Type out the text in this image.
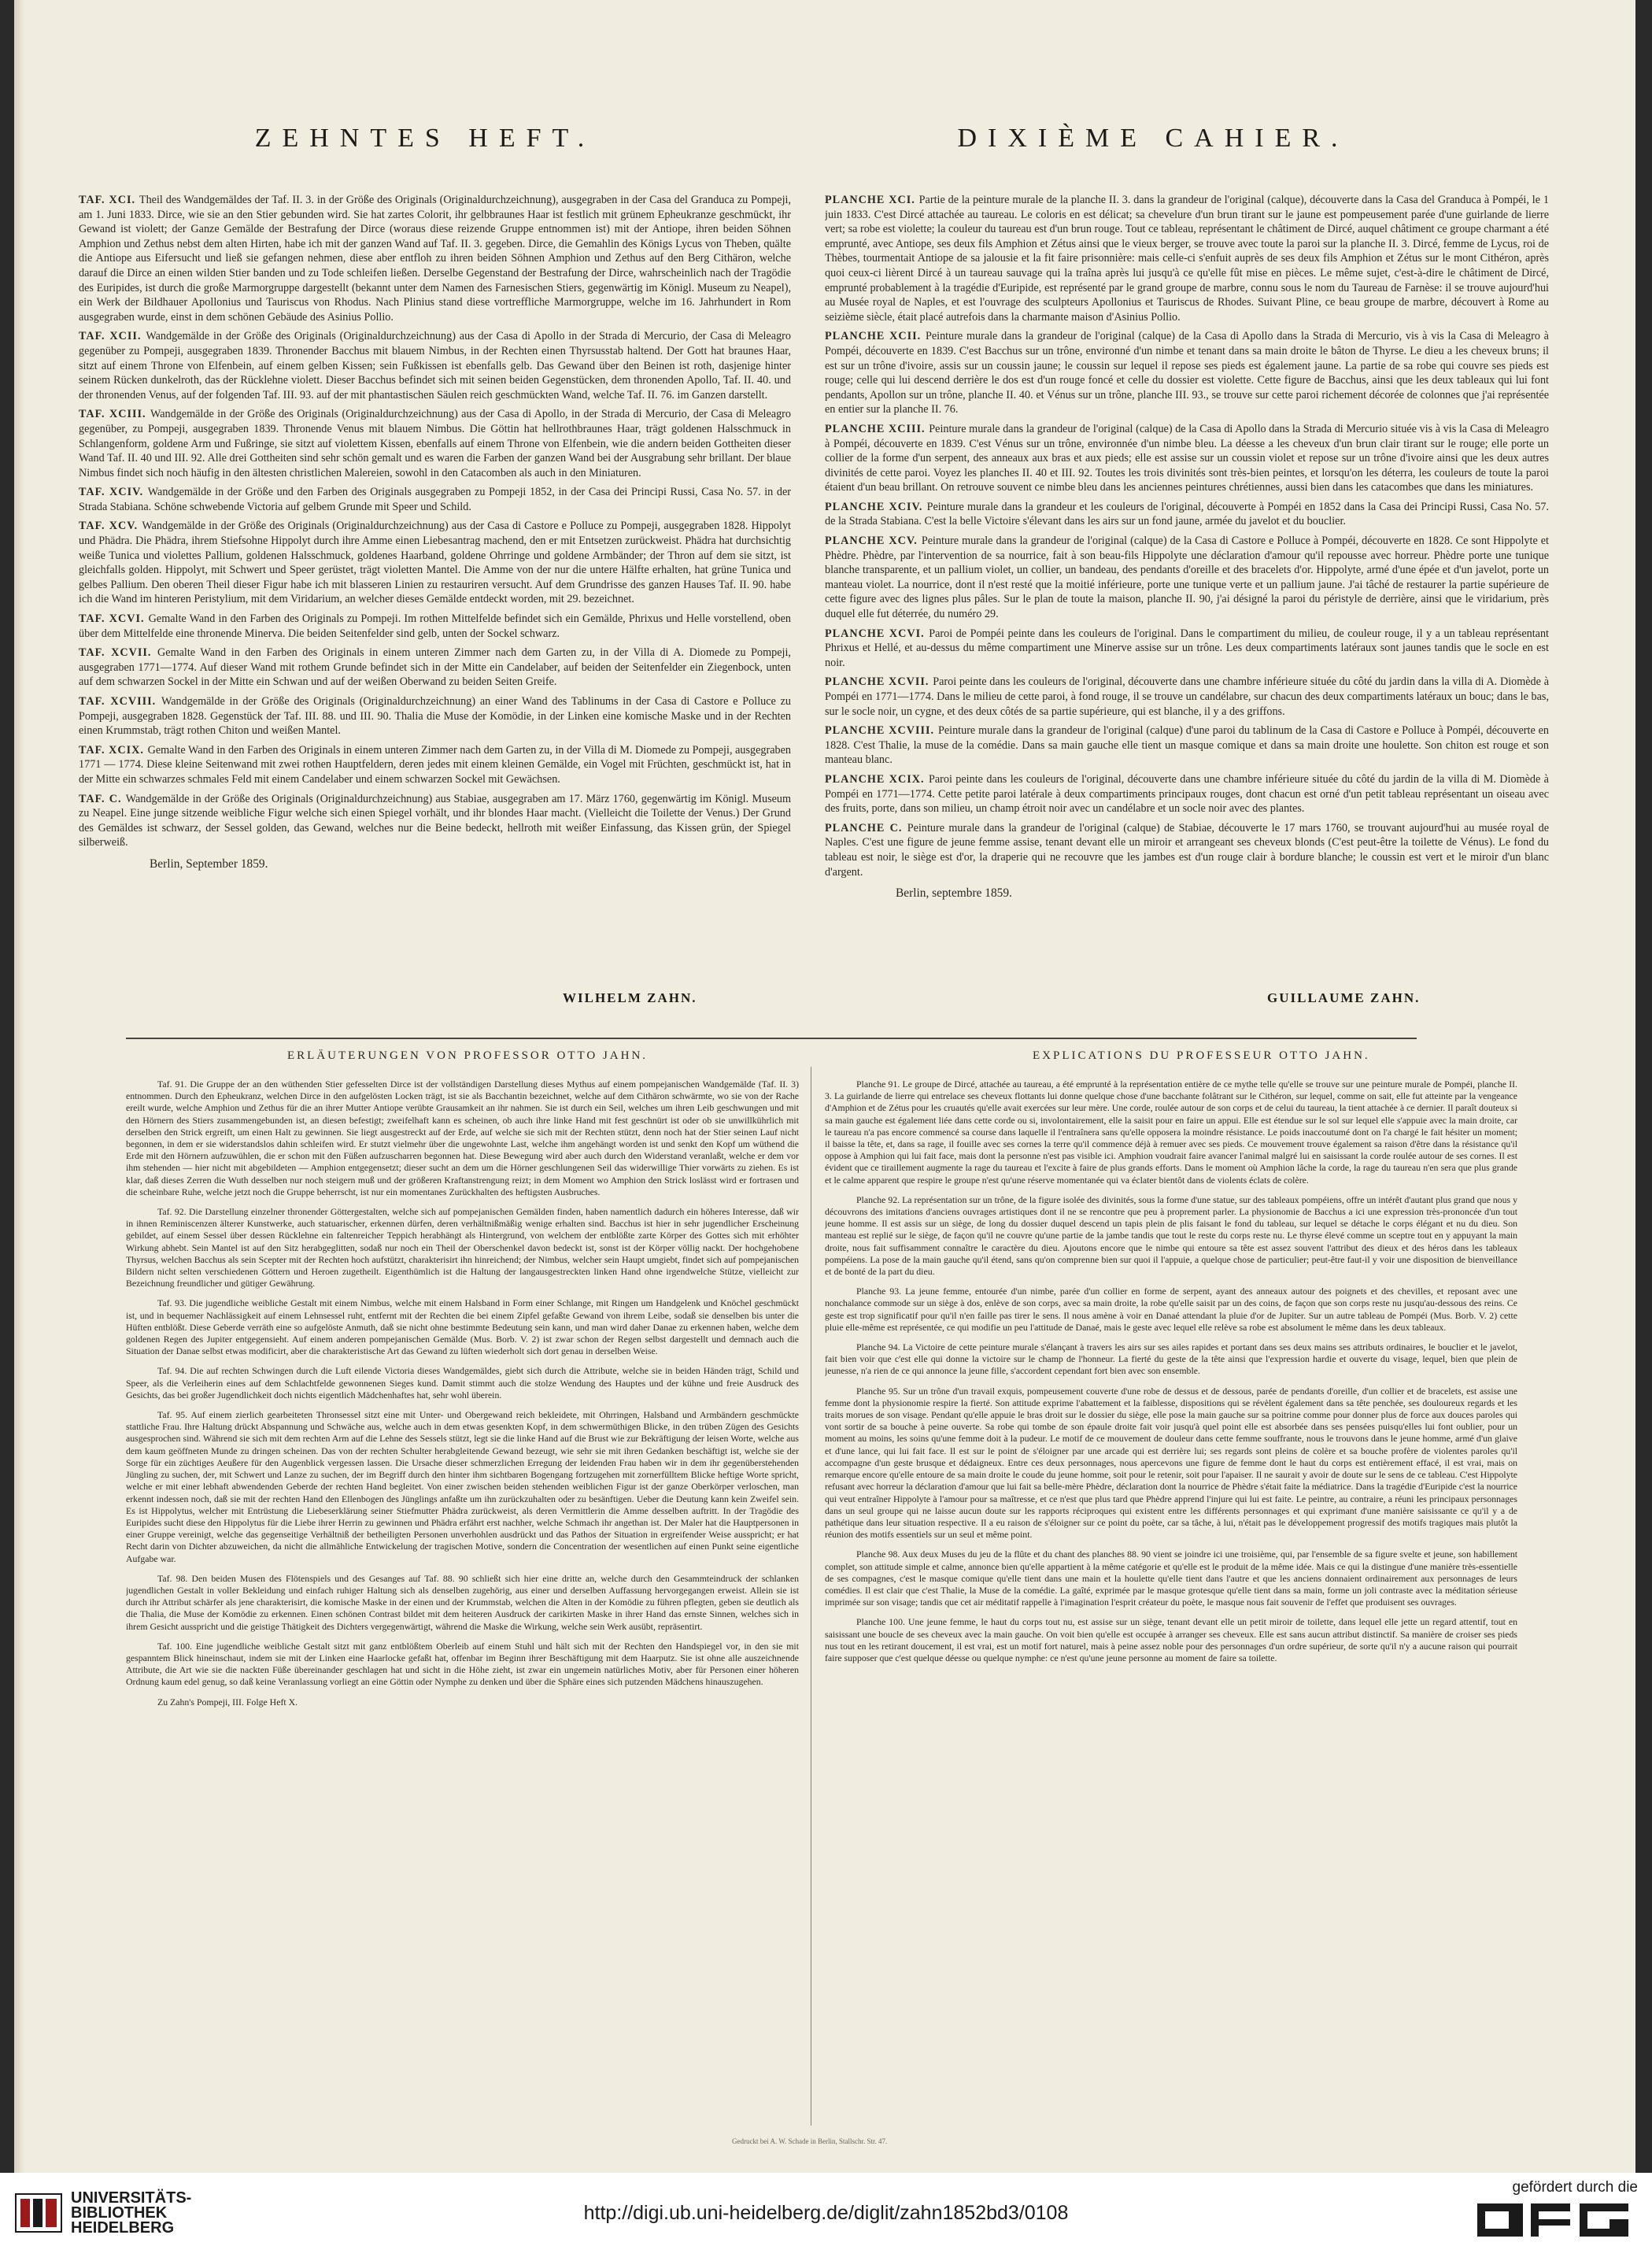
ZEHNTES HEFT.	DIXIÈME CAHIER.

TAF. XCI. Theil des Wandgemäldes der Taf. II. 3. in der Größe des Originals (Originaldurchzeichnung), ausgegraben in der Casa del Granduca zu Pompeji, am 1. Juni 1833. Dirce, wie sie an den Stier gebunden wird. Sie hat zartes Colorit, ihr gelbbraunes Haar ist festlich mit grünem Epheukranze geschmückt, ihr Gewand ist violett; der Ganze Gemälde der Bestrafung der Dirce (woraus diese reizende Gruppe entnommen ist) mit der Antiope, ihren beiden Söhnen Amphion und Zethus nebst dem alten Hirten, habe ich mit der ganzen Wand auf Taf. II. 3. gegeben. Dirce, die Gemahlin des Königs Lycus von Theben, quälte die Antiope aus Eifersucht und ließ sie gefangen nehmen, diese aber entfloh zu ihren beiden Söhnen Amphion und Zethus auf den Berg Cithäron, welche darauf die Dirce an einen wilden Stier banden und zu Tode schleifen ließen. Derselbe Gegenstand der Bestrafung der Dirce, wahrscheinlich nach der Tragödie des Euripides, ist durch die große Marmorgruppe dargestellt (bekannt unter dem Namen des Farnesischen Stiers, gegenwärtig im Königl. Museum zu Neapel), ein Werk der Bildhauer Apollonius und Tauriscus von Rhodus. Nach Plinius stand diese vortreffliche Marmorgruppe, welche im 16. Jahrhundert in Rom ausgegraben wurde, einst in dem schönen Gebäude des Asinius Pollio.

TAF. XCII. Wandgemälde in der Größe des Originals (Originaldurchzeichnung) aus der Casa di Apollo in der Strada di Mercurio, der Casa di Meleagro gegenüber zu Pompeji, ausgegraben 1839. Thronender Bacchus mit blauem Nimbus, in der Rechten einen Thyrsusstab haltend. Der Gott hat braunes Haar, sitzt auf einem Throne von Elfenbein, auf einem gelben Kissen; sein Fußkissen ist ebenfalls gelb. Das Gewand über den Beinen ist roth, dasjenige hinter seinem Rücken dunkelroth, das der Rücklehne violett. Dieser Bacchus befindet sich mit seinen beiden Gegenstücken, dem thronenden Apollo, Taf. II. 40. und der thronenden Venus, auf der folgenden Taf. III. 93. auf der mit phantastischen Säulen reich geschmückten Wand, welche Taf. II. 76. im Ganzen darstellt.

TAF. XCIII. Wandgemälde in der Größe des Originals (Originaldurchzeichnung) aus der Casa di Apollo, in der Strada di Mercurio, der Casa di Meleagro gegenüber, zu Pompeji, ausgegraben 1839. Thronende Venus mit blauem Nimbus. Die Göttin hat hellrothbraunes Haar, trägt goldenen Halsschmuck in Schlangenform, goldene Arm und Fußringe, sie sitzt auf violettem Kissen, ebenfalls auf einem Throne von Elfenbein, wie die andern beiden Gottheiten dieser Wand Taf. II. 40 und III. 92. Alle drei Gottheiten sind sehr schön gemalt und es waren die Farben der ganzen Wand bei der Ausgrabung sehr brillant. Der blaue Nimbus findet sich noch häufig in den ältesten christlichen Malereien, sowohl in den Catacomben als auch in den Miniaturen.

TAF. XCIV. Wandgemälde in der Größe und den Farben des Originals ausgegraben zu Pompeji 1852, in der Casa dei Principi Russi, Casa No. 57. in der Strada Stabiana. Schöne schwebende Victoria auf gelbem Grunde mit Speer und Schild.

TAF. XCV. Wandgemälde in der Größe des Originals (Originaldurchzeichnung) aus der Casa di Castore e Polluce zu Pompeji, ausgegraben 1828. Hippolyt und Phädra. Die Phädra, ihrem Stiefsohne Hippolyt durch ihre Amme einen Liebesantrag machend, den er mit Entsetzen zurückweist. Phädra hat durchsichtig weiße Tunica und violettes Pallium, goldenen Halsschmuck, goldenes Haarband, goldene Ohrringe und goldene Armbänder; der Thron auf dem sie sitzt, ist gleichfalls golden. Hippolyt, mit Schwert und Speer gerüstet, trägt violetten Mantel. Die Amme von der nur die untere Hälfte erhalten, hat grüne Tunica und gelbes Pallium. Den oberen Theil dieser Figur habe ich mit blasseren Linien zu restauriren versucht. Auf dem Grundrisse des ganzen Hauses Taf. II. 90. habe ich die Wand im hinteren Peristylium, mit dem Viridarium, an welcher dieses Gemälde entdeckt worden, mit 29. bezeichnet.

TAF. XCVI. Gemalte Wand in den Farben des Originals zu Pompeji. Im rothen Mittelfelde befindet sich ein Gemälde, Phrixus und Helle vorstellend, oben über dem Mittelfelde eine thronende Minerva. Die beiden Seitenfelder sind gelb, unten der Sockel schwarz.

TAF. XCVII. Gemalte Wand in den Farben des Originals in einem unteren Zimmer nach dem Garten zu, in der Villa di A. Diomede zu Pompeji, ausgegraben 1771—1774. Auf dieser Wand mit rothem Grunde befindet sich in der Mitte ein Candelaber, auf beiden der Seitenfelder ein Ziegenbock, unten auf dem schwarzen Sockel in der Mitte ein Schwan und auf der weißen Oberwand zu beiden Seiten Greife.

TAF. XCVIII. Wandgemälde in der Größe des Originals (Originaldurchzeichnung) an einer Wand des Tablinums in der Casa di Castore e Polluce zu Pompeji, ausgegraben 1828. Gegenstück der Taf. III. 88. und III. 90. Thalia die Muse der Komödie, in der Linken eine komische Maske und in der Rechten einen Krummstab, trägt rothen Chiton und weißen Mantel.

TAF. XCIX. Gemalte Wand in den Farben des Originals in einem unteren Zimmer nach dem Garten zu, in der Villa di M. Diomede zu Pompeji, ausgegraben 1771 — 1774. Diese kleine Seitenwand mit zwei rothen Hauptfeldern, deren jedes mit einem kleinen Gemälde, ein Vogel mit Früchten, geschmückt ist, hat in der Mitte ein schwarzes schmales Feld mit einem Candelaber und einem schwarzen Sockel mit Gewächsen.

TAF. C. Wandgemälde in der Größe des Originals (Originaldurchzeichnung) aus Stabiae, ausgegraben am 17. März 1760, gegenwärtig im Königl. Museum zu Neapel. Eine junge sitzende weibliche Figur welche sich einen Spiegel vorhält, und ihr blondes Haar macht. (Vielleicht die Toilette der Venus.) Der Grund des Gemäldes ist schwarz, der Sessel golden, das Gewand, welches nur die Beine bedeckt, hellroth mit weißer Einfassung, das Kissen grün, der Spiegel silberweiß.

Berlin, September 1859.

PLANCHE XCI. Partie de la peinture murale de la planche II. 3. dans la grandeur de l'original (calque), découverte dans la Casa del Granduca à Pompéi, le 1 juin 1833. C'est Dircé attachée au taureau. Le coloris en est délicat; sa chevelure d'un brun tirant sur le jaune est pompeusement parée d'une guirlande de lierre vert; sa robe est violette; la couleur du taureau est d'un brun rouge. Tout ce tableau, représentant le châtiment de Dircé, auquel châtiment ce groupe charmant a été emprunté, avec Antiope, ses deux fils Amphion et Zétus ainsi que le vieux berger, se trouve avec toute la paroi sur la planche II. 3. Dircé, femme de Lycus, roi de Thèbes, tourmentait Antiope de sa jalousie et la fit faire prisonnière: mais celle-ci s'enfuit auprès de ses deux fils Amphion et Zétus sur le mont Cithéron, après quoi ceux-ci lièrent Dircé à un taureau sauvage qui la traîna après lui jusqu'à ce qu'elle fût mise en pièces. Le même sujet, c'est-à-dire le châtiment de Dircé, emprunté probablement à la tragédie d'Euripide, est représenté par le grand groupe de marbre, connu sous le nom du Taureau de Farnèse: il se trouve aujourd'hui au Musée royal de Naples, et est l'ouvrage des sculpteurs Apollonius et Tauriscus de Rhodes. Suivant Pline, ce beau groupe de marbre, découvert à Rome au seizième siècle, était placé autrefois dans la charmante maison d'Asinius Pollio.

PLANCHE XCII. Peinture murale dans la grandeur de l'original (calque) de la Casa di Apollo dans la Strada di Mercurio, vis à vis la Casa di Meleagro à Pompéi, découverte en 1839. C'est Bacchus sur un trône, environné d'un nimbe et tenant dans sa main droite le bâton de Thyrse. Le dieu a les cheveux bruns; il est sur un trône d'ivoire, assis sur un coussin jaune; le coussin sur lequel il repose ses pieds est également jaune. La partie de sa robe qui couvre ses pieds est rouge; celle qui lui descend derrière le dos est d'un rouge foncé et celle du dossier est violette. Cette figure de Bacchus, ainsi que les deux tableaux qui lui font pendants, Apollon sur un trône, planche II. 40. et Vénus sur un trône, planche III. 93., se trouve sur cette paroi richement décorée de colonnes que j'ai représentée en entier sur la planche II. 76.

PLANCHE XCIII. Peinture murale dans la grandeur de l'original (calque) de la Casa di Apollo dans la Strada di Mercurio située vis à vis la Casa di Meleagro à Pompéi, découverte en 1839. C'est Vénus sur un trône, environnée d'un nimbe bleu. La déesse a les cheveux d'un brun clair tirant sur le rouge; elle porte un collier de la forme d'un serpent, des anneaux aux bras et aux pieds; elle est assise sur un coussin violet et repose sur un trône d'ivoire ainsi que les deux autres divinités de cette paroi. Voyez les planches II. 40 et III. 92. Toutes les trois divinités sont très-bien peintes, et lorsqu'on les déterra, les couleurs de toute la paroi étaient d'un beau brillant. On retrouve souvent ce nimbe bleu dans les anciennes peintures chrétiennes, aussi bien dans les catacombes que dans les miniatures.

PLANCHE XCIV. Peinture murale dans la grandeur et les couleurs de l'original, découverte à Pompéi en 1852 dans la Casa dei Principi Russi, Casa No. 57. de la Strada Stabiana. C'est la belle Victoire s'élevant dans les airs sur un fond jaune, armée du javelot et du bouclier.

PLANCHE XCV. Peinture murale dans la grandeur de l'original (calque) de la Casa di Castore e Polluce à Pompéi, découverte en 1828. Ce sont Hippolyte et Phèdre. Phèdre, par l'intervention de sa nourrice, fait à son beau-fils Hippolyte une déclaration d'amour qu'il repousse avec horreur. Phèdre porte une tunique blanche transparente, et un pallium violet, un collier, un bandeau, des pendants d'oreille et des bracelets d'or. Hippolyte, armé d'une épée et d'un javelot, porte un manteau violet. La nourrice, dont il n'est resté que la moitié inférieure, porte une tunique verte et un pallium jaune. J'ai tâché de restaurer la partie supérieure de cette figure avec des lignes plus pâles. Sur le plan de toute la maison, planche II. 90, j'ai désigné la paroi du péristyle de derrière, ainsi que le viridarium, près duquel elle fut déterrée, du numéro 29.

PLANCHE XCVI. Paroi de Pompéi peinte dans les couleurs de l'original. Dans le compartiment du milieu, de couleur rouge, il y a un tableau représentant Phrixus et Hellé, et au-dessus du même compartiment une Minerve assise sur un trône. Les deux compartiments latéraux sont jaunes tandis que le socle en est noir.

PLANCHE XCVII. Paroi peinte dans les couleurs de l'original, découverte dans une chambre inférieure située du côté du jardin dans la villa di A. Diomède à Pompéi en 1771—1774. Dans le milieu de cette paroi, à fond rouge, il se trouve un candélabre, sur chacun des deux compartiments latéraux un bouc; dans le bas, sur le socle noir, un cygne, et des deux côtés de sa partie supérieure, qui est blanche, il y a des griffons.

PLANCHE XCVIII. Peinture murale dans la grandeur de l'original (calque) d'une paroi du tablinum de la Casa di Castore e Polluce à Pompéi, découverte en 1828. C'est Thalie, la muse de la comédie. Dans sa main gauche elle tient un masque comique et dans sa main droite une houlette. Son chiton est rouge et son manteau blanc.

PLANCHE XCIX. Paroi peinte dans les couleurs de l'original, découverte dans une chambre inférieure située du côté du jardin de la villa di M. Diomède à Pompéi en 1771—1774. Cette petite paroi latérale à deux compartiments principaux rouges, dont chacun est orné d'un petit tableau représentant un oiseau avec des fruits, porte, dans son milieu, un champ étroit noir avec un candélabre et un socle noir avec des plantes.

PLANCHE C. Peinture murale dans la grandeur de l'original (calque) de Stabiae, découverte le 17 mars 1760, se trouvant aujourd'hui au musée royal de Naples. C'est une figure de jeune femme assise, tenant devant elle un miroir et arrangeant ses cheveux blonds (C'est peut-être la toilette de Vénus). Le fond du tableau est noir, le siège est d'or, la draperie qui ne recouvre que les jambes est d'un rouge clair à bordure blanche; le coussin est vert et le miroir d'un blanc d'argent.

Berlin, septembre 1859.
WILHELM ZAHN.	GUILLAUME ZAHN.
ERLÄUTERUNGEN VON PROFESSOR OTTO JAHN.	EXPLICATIONS DU PROFESSEUR OTTO JAHN.

Taf. 91. Die Gruppe der an den wüthenden Stier gefesselten Dirce ist der vollständigen Darstellung dieses Mythus auf einem pompejanischen Wandgemälde (Taf. II. 3) entnommen. Durch den Epheukranz, welchen Dirce in den aufgelösten Locken trägt, ist sie als Bacchantin bezeichnet, welche auf dem Cithäron schwärmte, wo sie von der Rache ereilt wurde, welche Amphion und Zethus für die an ihrer Mutter Antiope verübte Grausamkeit an ihr nahmen. Sie ist durch ein Seil, welches um ihren Leib geschwungen und mit den Hörnern des Stiers zusammengebunden ist, an diesen befestigt; zweifelhaft kann es scheinen, ob auch ihre linke Hand mit fest geschnürt ist oder ob sie unwillkührlich mit derselben den Strick ergreift, um einen Halt zu gewinnen. Sie liegt ausgestreckt auf der Erde, auf welche sie sich mit der Rechten stützt, denn noch hat der Stier seinen Lauf nicht begonnen, in dem er sie widerstandslos dahin schleifen wird. Er stutzt vielmehr über die ungewohnte Last, welche ihm angehängt worden ist und senkt den Kopf um wüthend die Erde mit den Hörnern aufzuwühlen, die er schon mit den Füßen aufzuscharren begonnen hat. Diese Bewegung wird aber auch durch den Widerstand veranlaßt, welche er dem vor ihm stehenden — hier nicht mit abgebildeten — Amphion entgegensetzt; dieser sucht an dem um die Hörner geschlungenen Seil das widerwillige Thier vorwärts zu ziehen. Es ist klar, daß dieses Zerren die Wuth desselben nur noch steigern muß und der größeren Kraftanstrengung reizt; in dem Moment wo Amphion den Strick loslässt wird er fortrasen und die scheinbare Ruhe, welche jetzt noch die Gruppe beherrscht, ist nur ein momentanes Zurückhalten des heftigsten Ausbruches.

Taf. 92. Die Darstellung einzelner thronender Göttergestalten, welche sich auf pompejanischen Gemälden finden, haben namentlich dadurch ein höheres Interesse, daß wir in ihnen Reminiscenzen älterer Kunstwerke, auch statuarischer, erkennen dürfen, deren verhältnißmäßig wenige erhalten sind. Bacchus ist hier in sehr jugendlicher Erscheinung gebildet, auf einem Sessel über dessen Rücklehne ein faltenreicher Teppich herabhängt als Hintergrund, von welchem der entblößte zarte Körper des Gottes sich mit erhöhter Wirkung abhebt. Sein Mantel ist auf den Sitz herabgeglitten, sodaß nur noch ein Theil der Oberschenkel davon bedeckt ist, sonst ist der Körper völlig nackt. Der hochgehobene Thyrsus, welchen Bacchus als sein Scepter mit der Rechten hoch aufstützt, charakterisirt ihn hinreichend; der Nimbus, welcher sein Haupt umgiebt, findet sich auf pompejanischen Bildern nicht selten verschiedenen Göttern und Heroen zugetheilt. Eigenthümlich ist die Haltung der langausgestreckten linken Hand ohne irgendwelche Stütze, vielleicht zur Bezeichnung freundlicher und gütiger Gewährung.

Taf. 93. Die jugendliche weibliche Gestalt mit einem Nimbus, welche mit einem Halsband in Form einer Schlange, mit Ringen um Handgelenk und Knöchel geschmückt ist, und in bequemer Nachlässigkeit auf einem Lehnsessel ruht, entfernt mit der Rechten die bei einem Zipfel gefaßte Gewand von ihrem Leibe, sodaß sie denselben bis unter die Hüften entblößt. Diese Geberde verräth eine so aufgelöste Anmuth, daß sie nicht ohne bestimmte Bedeutung sein kann, und man wird daher Danae zu erkennen haben, welche dem goldenen Regen des Jupiter entgegensieht. Auf einem anderen pompejanischen Gemälde (Mus. Borb. V. 2) ist zwar schon der Regen selbst dargestellt und demnach auch die Situation der Danae selbst etwas modificirt, aber die charakteristische Art das Gewand zu lüften wiederholt sich dort genau in derselben Weise.

Taf. 94. Die auf rechten Schwingen durch die Luft eilende Victoria dieses Wandgemäldes, giebt sich durch die Attribute, welche sie in beiden Händen trägt, Schild und Speer, als die Verleiherin eines auf dem Schlachtfelde gewonnenen Sieges kund. Damit stimmt auch die stolze Wendung des Hauptes und der kühne und freie Ausdruck des Gesichts, das bei großer Jugendlichkeit doch nichts eigentlich Mädchenhaftes hat, sehr wohl überein.

Taf. 95. Auf einem zierlich gearbeiteten Thronsessel sitzt eine mit Unter- und Obergewand reich bekleidete, mit Ohrringen, Halsband und Armbändern geschmückte stattliche Frau. Ihre Haltung drückt Abspannung und Schwäche aus, welche auch in dem etwas gesenkten Kopf, in dem schwermüthigen Blicke, in den trüben Zügen des Gesichts ausgesprochen sind. Während sie sich mit dem rechten Arm auf die Lehne des Sessels stützt, legt sie die linke Hand auf die Brust wie zur Bekräftigung der leisen Worte, welche aus dem kaum geöffneten Munde zu dringen scheinen. Das von der rechten Schulter herabgleitende Gewand bezeugt, wie sehr sie mit ihren Gedanken beschäftigt ist, welche sie der Sorge für ein züchtiges Aeußere für den Augenblick vergessen lassen. Die Ursache dieser schmerzlichen Erregung der leidenden Frau haben wir in dem ihr gegenüberstehenden Jüngling zu suchen, der, mit Schwert und Lanze zu suchen, der im Begriff durch den hinter ihm sichtbaren Bogengang fortzugehen mit zornerfülltem Blicke heftige Worte spricht, welche er mit einer lebhaft abwendenden Geberde der rechten Hand begleitet. Von einer zwischen beiden stehenden weiblichen Figur ist der ganze Oberkörper verloschen, man erkennt indessen noch, daß sie mit der rechten Hand den Ellenbogen des Jünglings anfaßte um ihn zurückzuhalten oder zu besänftigen. Ueber die Deutung kann kein Zweifel sein. Es ist Hippolytus, welcher mit Entrüstung die Liebeserklärung seiner Stiefmutter Phädra zurückweist, als deren Vermittlerin die Amme desselben auftritt. In der Tragödie des Euripides sucht diese den Hippolytus für die Liebe ihrer Herrin zu gewinnen und Phädra erfährt erst nachher, welche Schmach ihr angethan ist. Der Maler hat die Hauptpersonen in einer Gruppe vereinigt, welche das gegenseitige Verhältniß der betheiligten Personen unverhohlen ausdrückt und das Pathos der Situation in ergreifender Weise ausspricht; er hat Recht darin von Dichter abzuweichen, da nicht die allmähliche Entwickelung der tragischen Motive, sondern die Concentration der wesentlichen auf einen Punkt seine eigentliche Aufgabe war.

Taf. 98. Den beiden Musen des Flötenspiels und des Gesanges auf Taf. 88. 90 schließt sich hier eine dritte an, welche durch den Gesammteindruck der schlanken jugendlichen Gestalt in voller Bekleidung und einfach ruhiger Haltung sich als denselben zugehörig, aus einer und derselben Auffassung hervorgegangen erweist. Allein sie ist durch ihr Attribut schärfer als jene charakterisirt, die komische Maske in der einen und der Krummstab, welchen die Alten in der Komödie zu führen pflegten, geben sie deutlich als die Thalia, die Muse der Komödie zu erkennen. Einen schönen Contrast bildet mit dem heiteren Ausdruck der carikirten Maske in ihrer Hand das ernste Sinnen, welches sich in ihrem Gesicht ausspricht und die geistige Thätigkeit des Dichters vergegenwärtigt, während die Maske die Wirkung, welche sein Werk ausübt, repräsentirt.

Taf. 100. Eine jugendliche weibliche Gestalt sitzt mit ganz entblößtem Oberleib auf einem Stuhl und hält sich mit der Rechten den Handspiegel vor, in den sie mit gespanntem Blick hineinschaut, indem sie mit der Linken eine Haarlocke gefaßt hat, offenbar im Beginn ihrer Beschäftigung mit dem Haarputz. Sie ist ohne alle auszeichnende Attribute, die Art wie sie die nackten Füße übereinander geschlagen hat und sicht in die Höhe zieht, ist zwar ein ungemein natürliches Motiv, aber für Personen einer höheren Ordnung kaum edel genug, so daß keine Veranlassung vorliegt an eine Göttin oder Nymphe zu denken und über die Sphäre eines sich putzenden Mädchens hinauszugehen.

Zu Zahn's Pompeji, III. Folge Heft X.

Planche 91. Le groupe de Dircé, attachée au taureau, a été emprunté à la représentation entière de ce mythe telle qu'elle se trouve sur une peinture murale de Pompéi, planche II. 3. La guirlande de lierre qui entrelace ses cheveux flottants lui donne quelque chose d'une bacchante folâtrant sur le Cithéron, sur lequel, comme on sait, elle fut atteinte par la vengeance d'Amphion et de Zétus pour les cruautés qu'elle avait exercées sur leur mère. Une corde, roulée autour de son corps et de celui du taureau, la tient attachée à ce dernier. Il paraît douteux si sa main gauche est également liée dans cette corde ou si, involontairement, elle la saisit pour en faire un appui. Elle est étendue sur le sol sur lequel elle s'appuie avec la main droite, car le taureau n'a pas encore commencé sa course dans laquelle il l'entraînera sans qu'elle opposera la moindre résistance. Le poids inaccoutumé dont on l'a chargé le fait hésiter un moment; il baisse la tête, et, dans sa rage, il fouille avec ses cornes la terre qu'il commence déjà à remuer avec ses pieds. Ce mouvement trouve également sa raison d'être dans la résistance qu'il oppose à Amphion qui lui fait face, mais dont la personne n'est pas visible ici. Amphion voudrait faire avancer l'animal malgré lui en saisissant la corde roulée autour de ses cornes. Il est évident que ce tiraillement augmente la rage du taureau et l'excite à faire de plus grands efforts. Dans le moment où Amphion lâche la corde, la rage du taureau n'en sera que plus grande et le calme apparent que respire le groupe n'est qu'une réserve momentanée qui va éclater bientôt dans de violents éclats de colère.

Planche 92. La représentation sur un trône, de la figure isolée des divinités, sous la forme d'une statue, sur des tableaux pompéiens, offre un intérêt d'autant plus grand que nous y découvrons des imitations d'anciens ouvrages artistiques dont il ne se rencontre que peu à proprement parler. La physionomie de Bacchus a ici une expression très-prononcée d'un tout jeune homme. Il est assis sur un siège, de long du dossier duquel descend un tapis plein de plis faisant le fond du tableau, sur lequel se détache le corps élégant et nu du dieu. Son manteau est replié sur le siège, de façon qu'il ne couvre qu'une partie de la jambe tandis que tout le reste du corps reste nu. Le thyrse élevé comme un sceptre tout en y appuyant la main droite, nous fait suffisamment connaître le caractère du dieu. Ajoutons encore que le nimbe qui entoure sa tête est assez souvent l'attribut des dieux et des héros dans les tableaux pompéiens. La pose de la main gauche qu'il étend, sans qu'on comprenne bien sur quoi il l'appuie, a quelque chose de particulier; peut-être faut-il y voir une disposition de bienveillance et de bonté de la part du dieu.

Planche 93. La jeune femme, entourée d'un nimbe, parée d'un collier en forme de serpent, ayant des anneaux autour des poignets et des chevilles, et reposant avec une nonchalance commode sur un siège à dos, enlève de son corps, avec sa main droite, la robe qu'elle saisit par un des coins, de façon que son corps reste nu jusqu'au-dessous des reins. Ce geste est trop significatif pour qu'il n'en faille pas tirer le sens. Il nous amène à voir en Danaé attendant la pluie d'or de Jupiter. Sur un autre tableau de Pompéi (Mus. Borb. V. 2) cette pluie elle-même est représentée, ce qui modifie un peu l'attitude de Danaé, mais le geste avec lequel elle relève sa robe est absolument le même dans les deux tableaux.

Planche 94. La Victoire de cette peinture murale s'élançant à travers les airs sur ses ailes rapides et portant dans ses deux mains ses attributs ordinaires, le bouclier et le javelot, fait bien voir que c'est elle qui donne la victoire sur le champ de l'honneur. La fierté du geste de la tête ainsi que l'expression hardie et ouverte du visage, lequel, bien que plein de jeunesse, n'a rien de ce qui annonce la jeune fille, s'accordent cependant fort bien avec son ensemble.

Planche 95. Sur un trône d'un travail exquis, pompeusement couverte d'une robe de dessus et de dessous, parée de pendants d'oreille, d'un collier et de bracelets, est assise une femme dont la physionomie respire la fierté. Son attitude exprime l'abattement et la faiblesse, dispositions qui se révèlent également dans sa tête penchée, ses douloureux regards et les traits morues de son visage. Pendant qu'elle appuie le bras droit sur le dossier du siège, elle pose la main gauche sur sa poitrine comme pour donner plus de force aux douces paroles qui vont sortir de sa bouche à peine ouverte. Sa robe qui tombe de son épaule droite fait voir jusqu'à quel point elle est absorbée dans ses pensées puisqu'elles lui font oublier, pour un moment au moins, les soins qu'une femme doit à la pudeur. Le motif de ce mouvement de douleur dans cette femme souffrante, nous le trouvons dans le jeune homme, armé d'un glaive et d'une lance, qui lui fait face. Il est sur le point de s'éloigner par une arcade qui est derrière lui; ses regards sont pleins de colère et sa bouche profère de violentes paroles qu'il accompagne d'un geste brusque et dédaigneux. Entre ces deux personnages, nous apercevons une figure de femme dont le haut du corps est entièrement effacé, il est vrai, mais on remarque encore qu'elle entoure de sa main droite le coude du jeune homme, soit pour le retenir, soit pour l'apaiser. Il ne saurait y avoir de doute sur le sens de ce tableau. C'est Hippolyte refusant avec horreur la déclaration d'amour que lui fait sa belle-mère Phèdre, déclaration dont la nourrice de Phèdre s'était faite la médiatrice. Dans la tragédie d'Euripide c'est la nourrice qui veut entraîner Hippolyte à l'amour pour sa maîtresse, et ce n'est que plus tard que Phèdre apprend l'injure qui lui est faite. Le peintre, au contraire, a réuni les principaux personnages dans un seul groupe qui ne laisse aucun doute sur les rapports réciproques qui existent entre les différents personnages et qui exprimant d'une manière saisissante ce qu'il y a de pathétique dans leur situation respective. Il a eu raison de s'éloigner sur ce point du poète, car sa tâche, à lui, n'était pas le développement progressif des motifs tragiques mais plutôt la réunion des motifs essentiels sur un seul et même point.

Planche 98. Aux deux Muses du jeu de la flûte et du chant des planches 88. 90 vient se joindre ici une troisième, qui, par l'ensemble de sa figure svelte et jeune, son habillement complet, son attitude simple et calme, annonce bien qu'elle appartient à la même catégorie et qu'elle est le produit de la même idée. Mais ce qui la distingue d'une manière très-essentielle de ses compagnes, c'est le masque comique qu'elle tient dans une main et la houlette qu'elle tient dans l'autre et que les anciens donnaient ordinairement aux personnages de leurs comédies. Il est clair que c'est Thalie, la Muse de la comédie. La gaîté, exprimée par le masque grotesque qu'elle tient dans sa main, forme un joli contraste avec la méditation sérieuse imprimée sur son visage; tandis que cet air méditatif rappelle à l'imagination l'esprit créateur du poète, le masque nous fait souvenir de l'effet que produisent ses ouvrages.

Planche 100. Une jeune femme, le haut du corps tout nu, est assise sur un siège, tenant devant elle un petit miroir de toilette, dans lequel elle jette un regard attentif, tout en saisissant une boucle de ses cheveux avec la main gauche. On voit bien qu'elle est occupée à arranger ses cheveux. Elle est sans aucun attribut distinctif. Sa manière de croiser ses pieds nus tout en les retirant doucement, il est vrai, est un motif fort naturel, mais à peine assez noble pour des personnages d'un ordre supérieur, de sorte qu'il n'y a aucune raison qui pourrait faire supposer que c'est quelque déesse ou quelque nymphe: ce n'est qu'une jeune personne au moment de faire sa toilette.

Gedruckt bei A. W. Schade in Berlin, Stallschr. Str. 47.
UNIVERSITÄTS- BIBLIOTHEK HEIDELBERG
http://digi.ub.uni-heidelberg.de/diglit/zahn1852bd3/0108
gefördert durch die
